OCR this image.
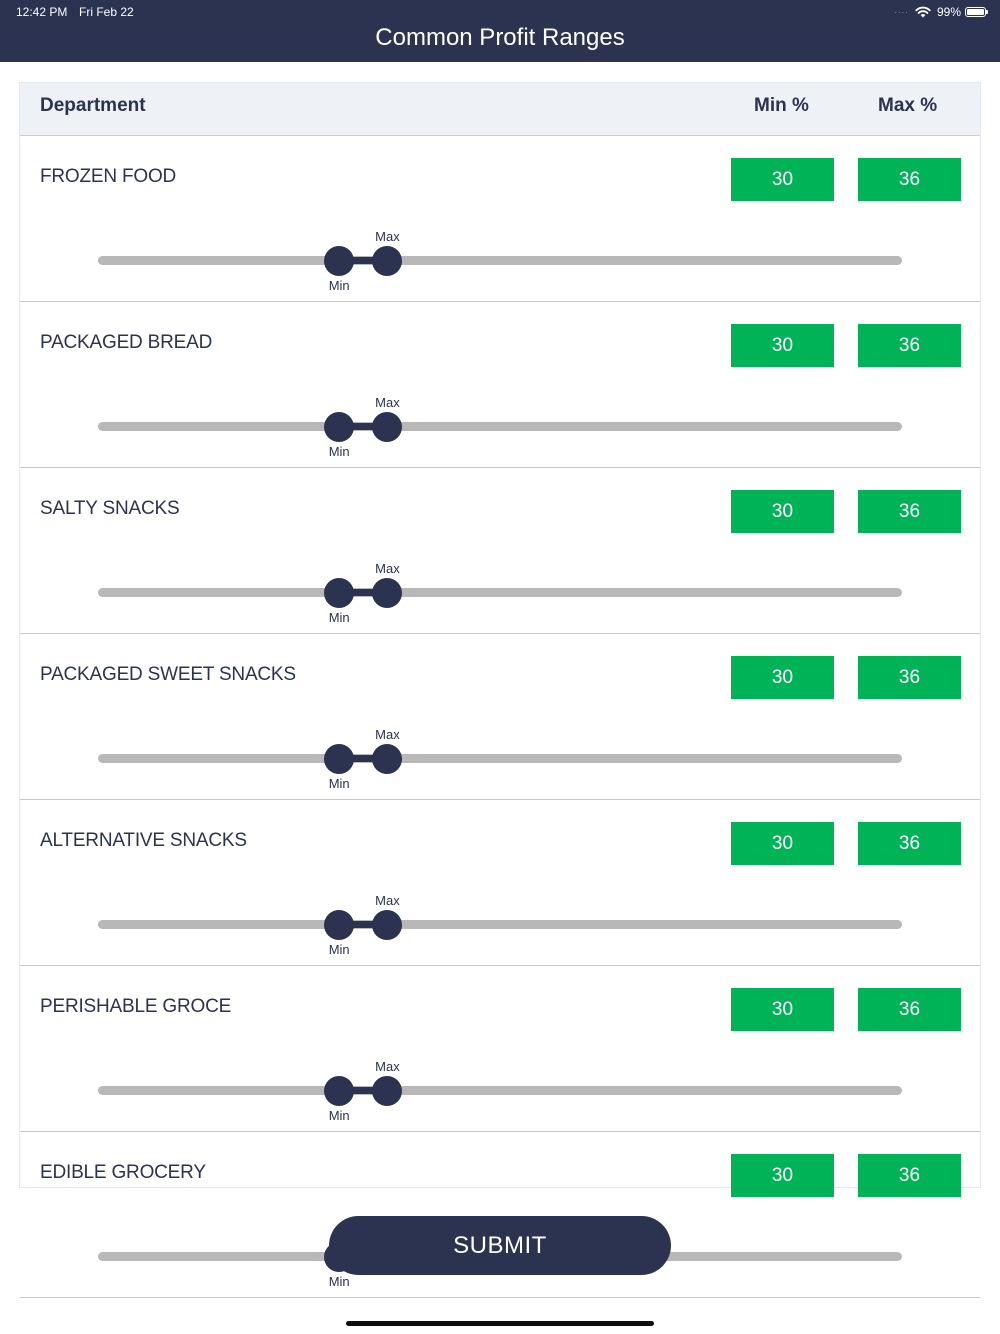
12:42 PM Fri Feb 22	···· 99%
Common Profit Ranges
Department	Min %	Max %
FROZEN FOOD	30	36
Max
Min
PACKAGED BREAD	30	36
Max
Min
SALTY SNACKS	30	36
Max
Min
PACKAGED SWEET SNACKS	30	36
Max
Min
ALTERNATIVE SNACKS	30	36
Max
Min
PERISHABLE GROCE	30	36
Max
Min
EDIBLE GROCERY	30	36
Min
SUBMIT
